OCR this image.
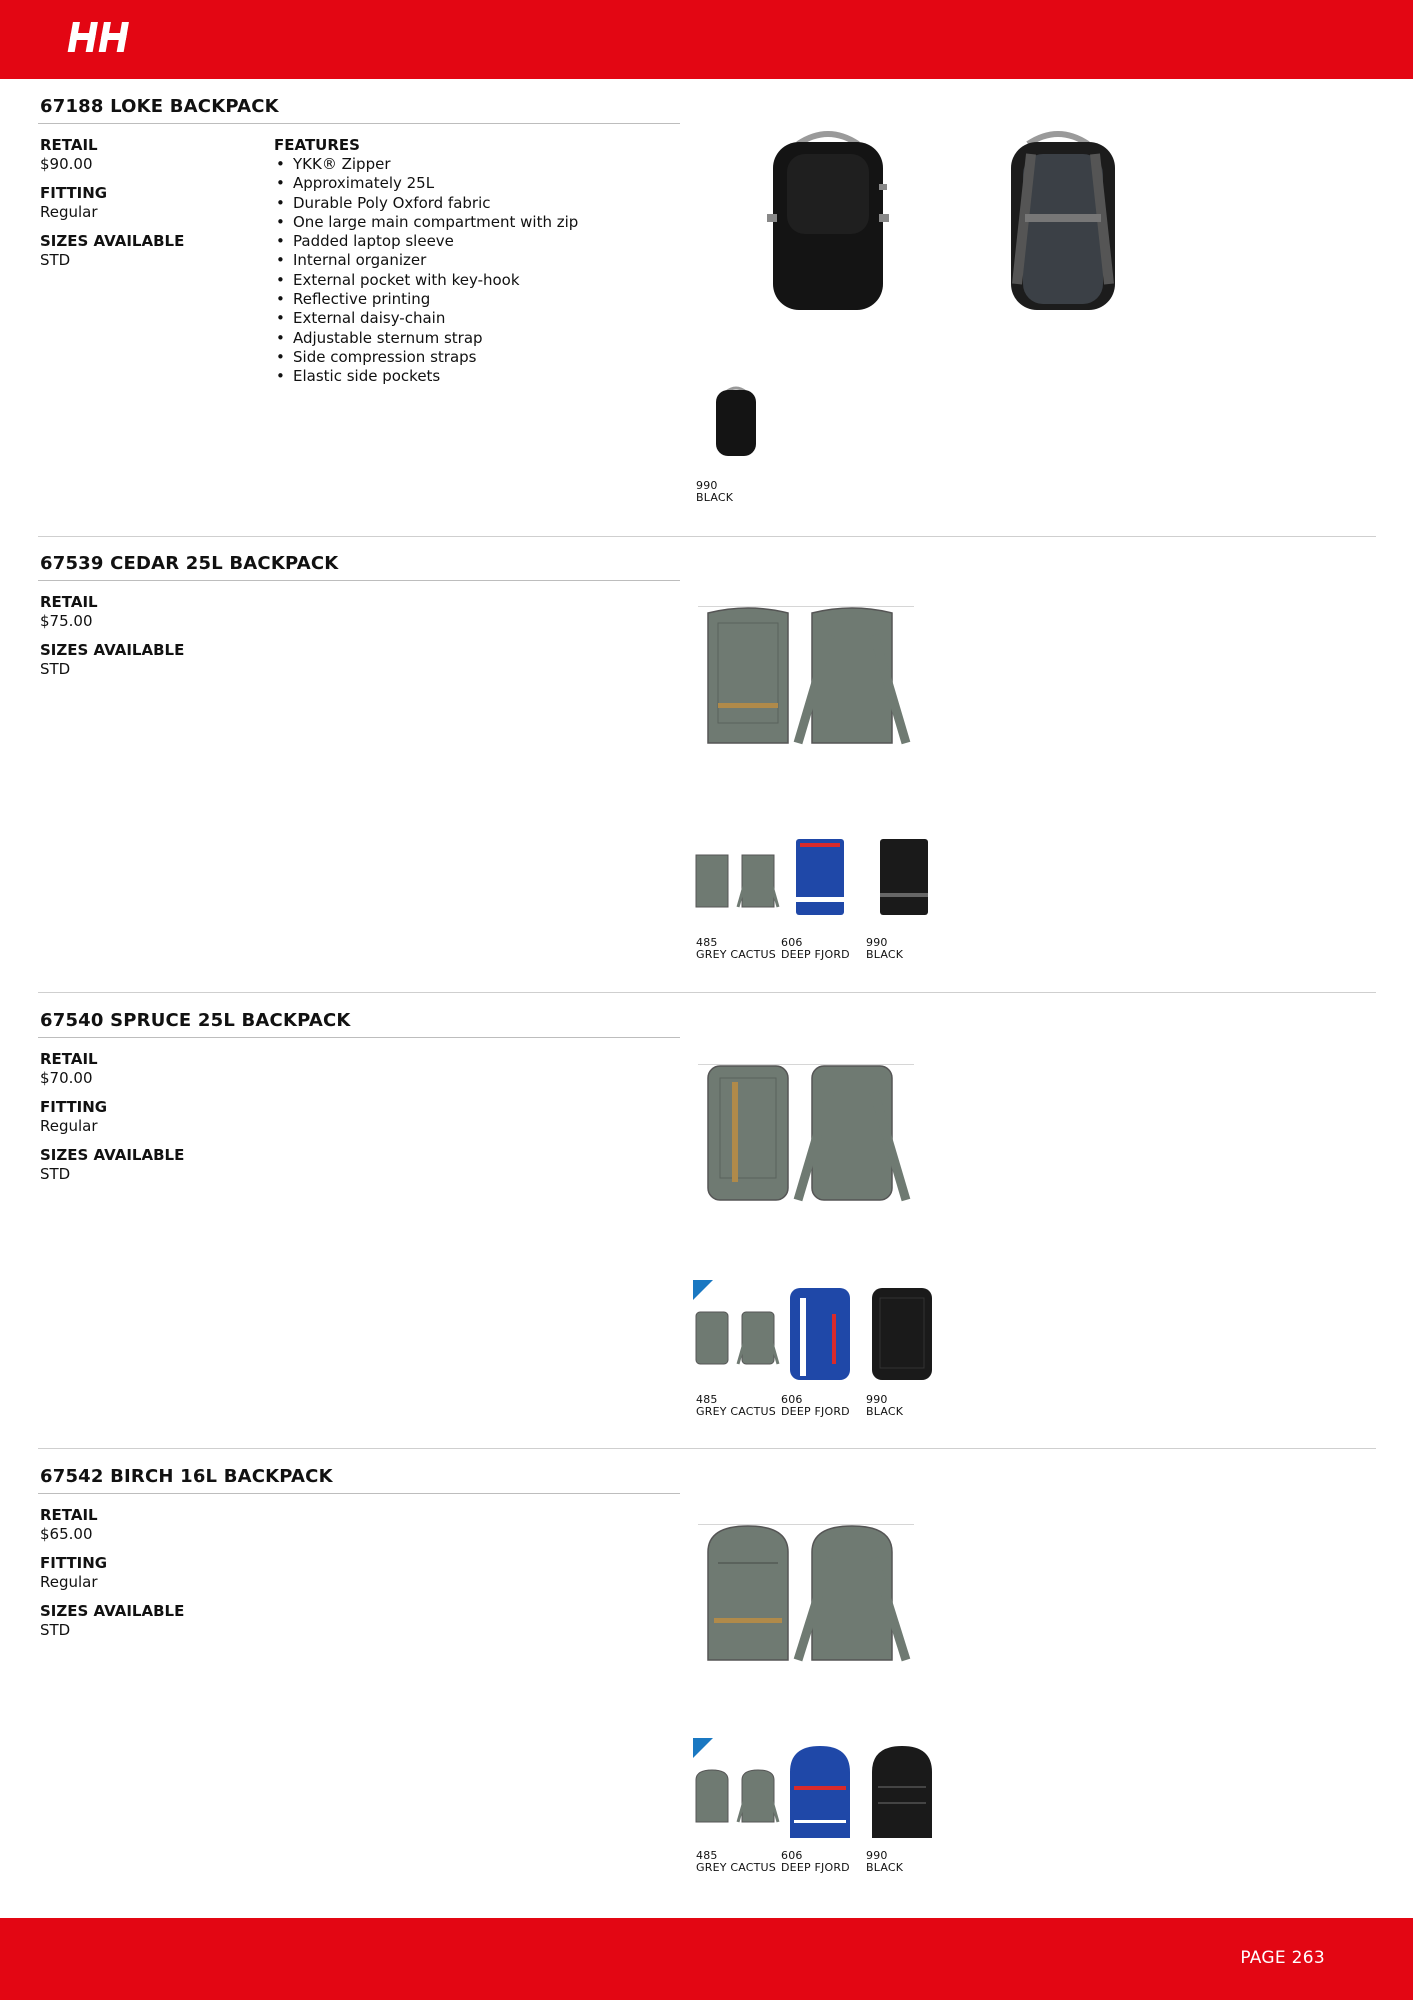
67188 LOKE BACKPACK

RETAIL

$90.00

FITTING

Regular

SIZES AVAILABLE

STD

FEATURES

• YKK® Zipper
• Approximately 25L
• Durable Poly Oxford fabric
• One large main compartment with zip
• Padded laptop sleeve
• Internal organizer
• External pocket with key-hook
• Reflective printing
• External daisy-chain
• Adjustable sternum strap
• Side compression straps
• Elastic side pockets
990
BLACK
67539 CEDAR 25L BACKPACK

RETAIL

$75.00

SIZES AVAILABLE

STD

485
GREY CACTUS
606
DEEP FJORD
990
BLACK
67540 SPRUCE 25L BACKPACK

RETAIL

$70.00

FITTING

Regular

SIZES AVAILABLE

STD

485
GREY CACTUS
606
DEEP FJORD
990
BLACK
67542 BIRCH 16L BACKPACK

RETAIL

$65.00

FITTING

Regular

SIZES AVAILABLE

STD

485
GREY CACTUS
606
DEEP FJORD
990
BLACK
PAGE 263
